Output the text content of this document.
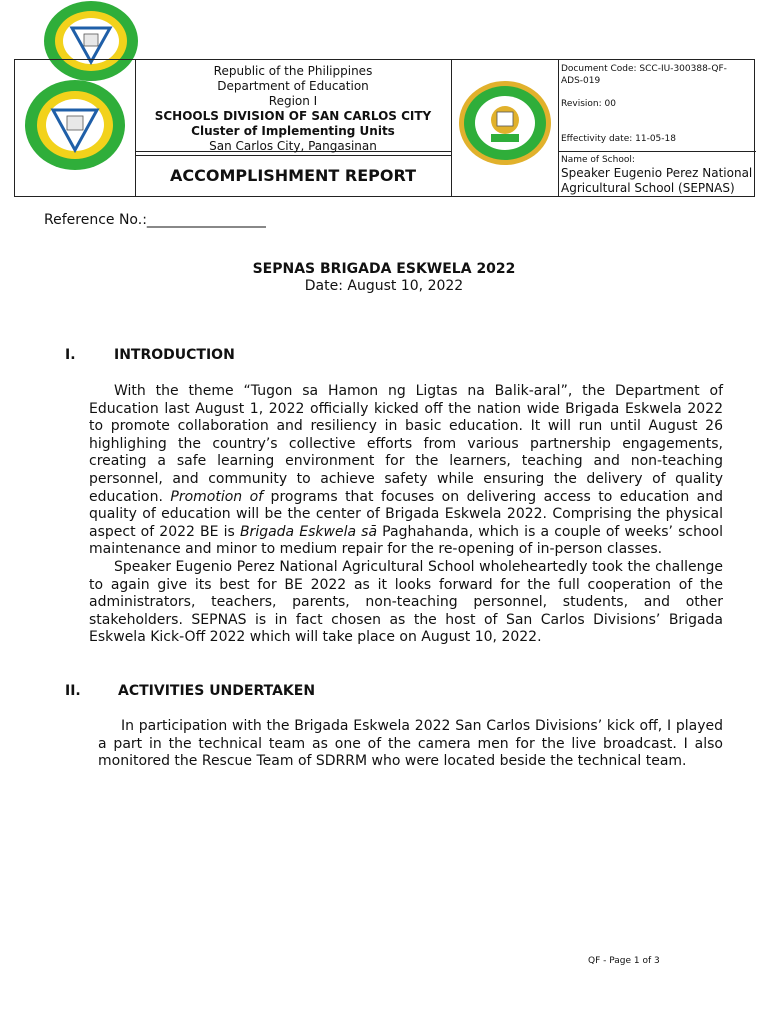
Republic of the Philippines
Department of Education
Region I
SCHOOLS DIVISION OF SAN CARLOS CITY
Cluster of Implementing Units
San Carlos City, Pangasinan
ACCOMPLISHMENT REPORT
Document Code: SCC-IU-300388-QF-
ADS-019
Revision: 00
Effectivity date: 11-05-18
Name of School:
Speaker Eugenio Perez National
Agricultural School (SEPNAS)
Reference No.:_________________
SEPNAS BRIGADA ESKWELA 2022
Date: August 10, 2022
I.	INTRODUCTION
With the theme “Tugon sa Hamon ng Ligtas na Balik-aral”, the Department of Education last August 1, 2022 officially kicked off the nation wide Brigada Eskwela 2022 to promote collaboration and resiliency in basic education. It will run until August 26 highlighing the country’s collective efforts from various partnership engagements, creating a safe learning environment for the learners, teaching and non-teaching personnel, and community to achieve safety while ensuring the delivery of quality education. Promotion of programs that focuses on delivering access to education and quality of education will be the center of Brigada Eskwela 2022. Comprising the physical aspect of 2022 BE is Brigada Eskwela sā Paghahanda, which is a couple of weeks’ school maintenance and minor to medium repair for the re-opening of in-person classes.
Speaker Eugenio Perez National Agricultural School wholeheartedly took the challenge to again give its best for BE 2022 as it looks forward for the full cooperation of the administrators, teachers, parents, non-teaching personnel, students, and other stakeholders. SEPNAS is in fact chosen as the host of San Carlos Divisions’ Brigada Eskwela Kick-Off 2022 which will take place on August 10, 2022.
II.	ACTIVITIES UNDERTAKEN
In participation with the Brigada Eskwela 2022 San Carlos Divisions’ kick off, I played a part in the technical team as one of the camera men for the live broadcast. I also monitored the Rescue Team of SDRRM who were located beside the technical team.
QF - Page 1 of 3
